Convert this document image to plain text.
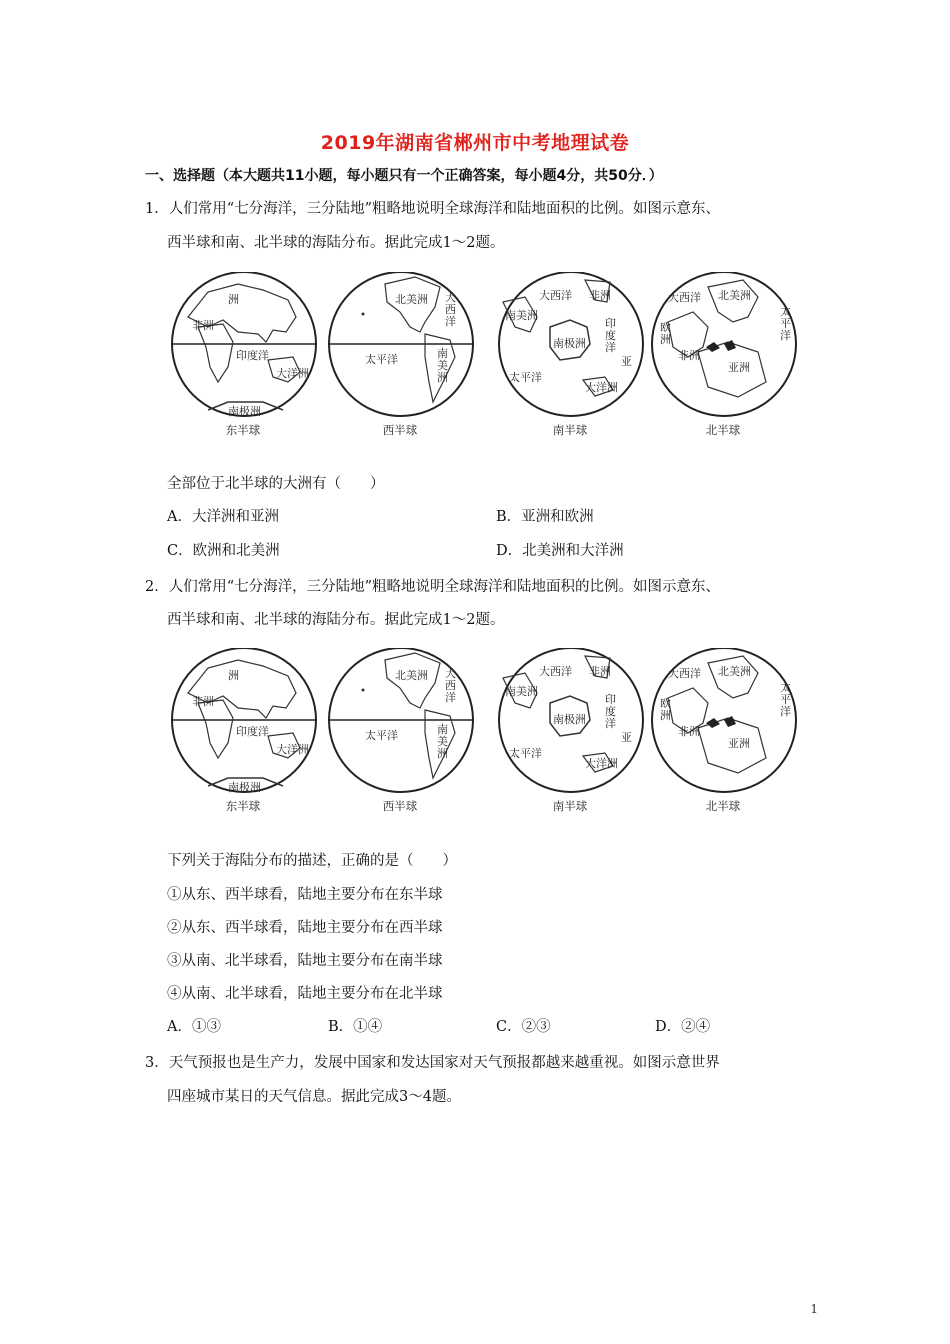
2019年湖南省郴州市中考地理试卷
一、选择题（本大题共11小题，每小题只有一个正确答案，每小题4分，共50分．）
1．人们常用“七分海洋，三分陆地”粗略地说明全球海洋和陆地面积的比例。如图示意东、
西半球和南、北半球的海陆分布。据此完成1～2题。
洲
非洲
印度洋
大洋洲
南极洲
东半球
北美洲 大西洋
太平洋	南美洲
西半球
大西洋 非洲
南美洲
印度洋
南极洲
太平洋
亚
大洋洲
南半球
大西洋 北美洲
太平洋
欧洲
非洲
亚洲
北半球
全部位于北半球的大洲有（　　）
A．大洋洲和亚洲	B．亚洲和欧洲
C．欧洲和北美洲	D．北美洲和大洋洲
2．人们常用“七分海洋，三分陆地”粗略地说明全球海洋和陆地面积的比例。如图示意东、
西半球和南、北半球的海陆分布。据此完成1～2题。
洲
非洲
印度洋
大洋洲
南极洲
东半球
北美洲 大西洋
太平洋	南美洲
西半球
大西洋 非洲
南美洲
印度洋
南极洲
太平洋
亚
大洋洲
南半球
大西洋 北美洲
太平洋
欧洲
非洲
亚洲
北半球
下列关于海陆分布的描述，正确的是（　　）
①从东、西半球看，陆地主要分布在东半球
②从东、西半球看，陆地主要分布在西半球
③从南、北半球看，陆地主要分布在南半球
④从南、北半球看，陆地主要分布在北半球
A．①③	B．①④	C．②③	D．②④
3．天气预报也是生产力，发展中国家和发达国家对天气预报都越来越重视。如图示意世界
四座城市某日的天气信息。据此完成3～4题。
1
